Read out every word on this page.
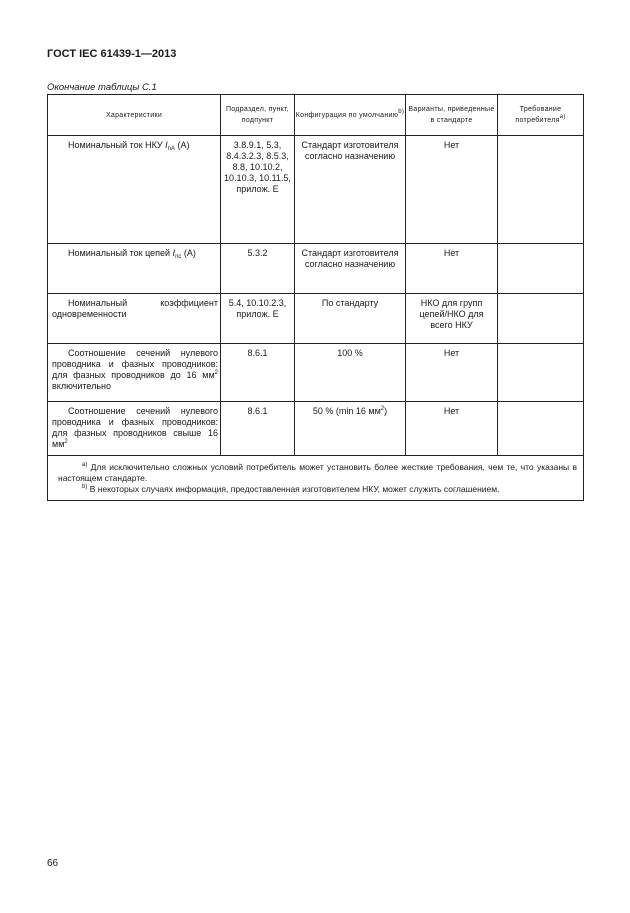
ГОСТ IEC 61439-1—2013
Окончание таблицы С.1
Характеристики	Подраздел, пункт, подпункт	Конфигурация по умолчанию$^{b)}$	Варианты, приведенные в стандарте	Требование потребителя$^{a)}$
Номинальный ток НКУ $I_{nA}$ (А)	3.8.9.1, 5.3, 8.4.3.2.3, 8.5.3, 8.8, 10.10.2, 10.10.3, 10.11.5, прилож. Е	Стандарт изготовителя согласно назначению	Нет	
Номинальный ток цепей $I_{nc}$ (А)	5.3.2	Стандарт изготовителя согласно назначению	Нет	
Номинальный коэффициент одновременности	5.4, 10.10.2.3, прилож. Е	По стандарту	НКО для групп цепей/НКО для всего НКУ	
Соотношение сечений нулевого проводника и фазных проводников: для фазных проводников до 16 $мм^2$ включительно	8.6.1	100 %	Нет	
Соотношение сечений нулевого проводника и фазных проводников: для фазных проводников свыше 16 $мм^2$	8.6.1	50 % (min 16 $мм^2$)	Нет	

$^{a)}$ Для исключительно сложных условий потребитель может установить более жесткие требования, чем те, что указаны в настоящем стандарте.

$^{b)}$ В некоторых случаях информация, предоставленная изготовителем НКУ, может служить соглашением.				

66
